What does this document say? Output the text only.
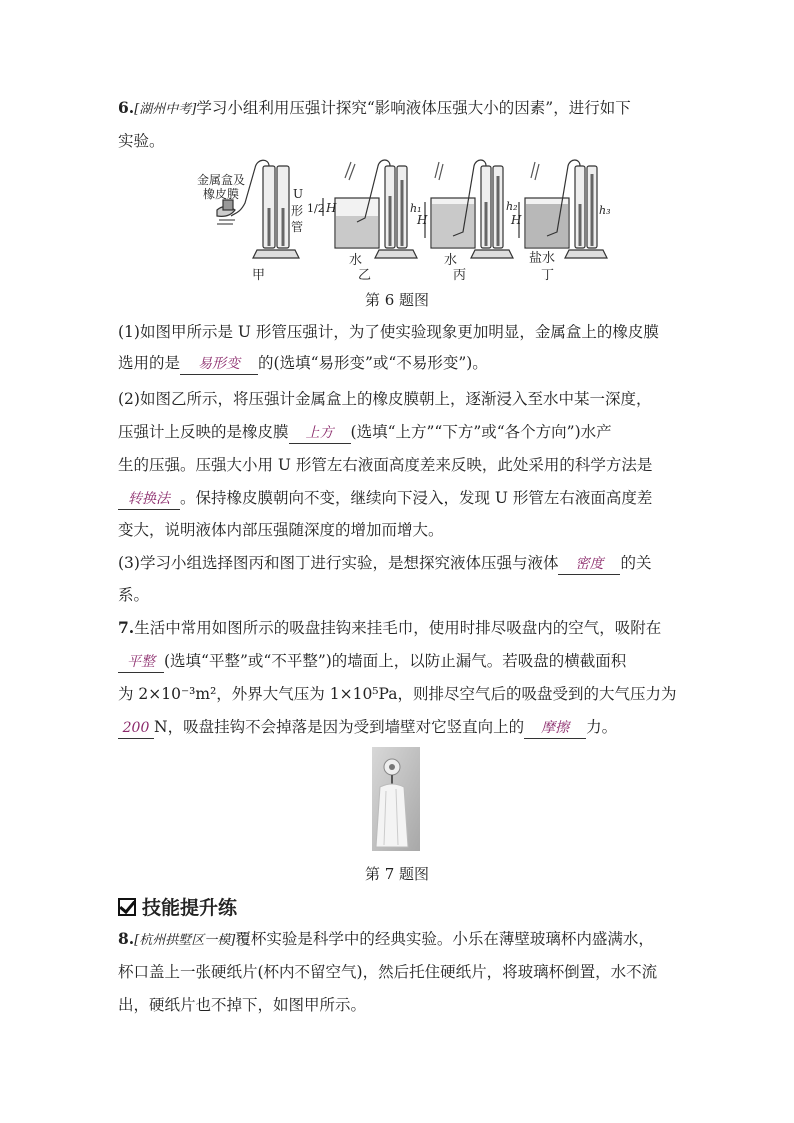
6.[湖州中考]学习小组利用压强计探究“影响液体压强大小的因素”，进行如下
实验。
金属盒及
橡皮膜	U
形
管
1/2 H	h₁
H
h₂
H
h₃
水	水	盐水
甲	乙	丙	丁
第 6 题图
(1)如图甲所示是 U 形管压强计，为了使实验现象更加明显，金属盒上的橡皮膜
选用的是 易形变 的(选填“易形变”或“不易形变”)。
(2)如图乙所示，将压强计金属盒上的橡皮膜朝上，逐渐浸入至水中某一深度，
压强计上反映的是橡皮膜 上方 (选填“上方”“下方”或“各个方向”)水产
生的压强。压强大小用 U 形管左右液面高度差来反映，此处采用的科学方法是
转换法 。保持橡皮膜朝向不变，继续向下浸入，发现 U 形管左右液面高度差
变大，说明液体内部压强随深度的增加而增大。
(3)学习小组选择图丙和图丁进行实验，是想探究液体压强与液体 密度 的关
系。
7.生活中常用如图所示的吸盘挂钩来挂毛巾，使用时排尽吸盘内的空气，吸附在
平整 (选填“平整”或“不平整”)的墙面上，以防止漏气。若吸盘的横截面积
为 2×10⁻³m²，外界大气压为 1×10⁵Pa，则排尽空气后的吸盘受到的大气压力为
200 N，吸盘挂钩不会掉落是因为受到墙壁对它竖直向上的 摩擦 力。
第 7 题图
技能提升练
8.[杭州拱墅区一模]覆杯实验是科学中的经典实验。小乐在薄壁玻璃杯内盛满水，
杯口盖上一张硬纸片(杯内不留空气)，然后托住硬纸片，将玻璃杯倒置，水不流
出，硬纸片也不掉下，如图甲所示。
